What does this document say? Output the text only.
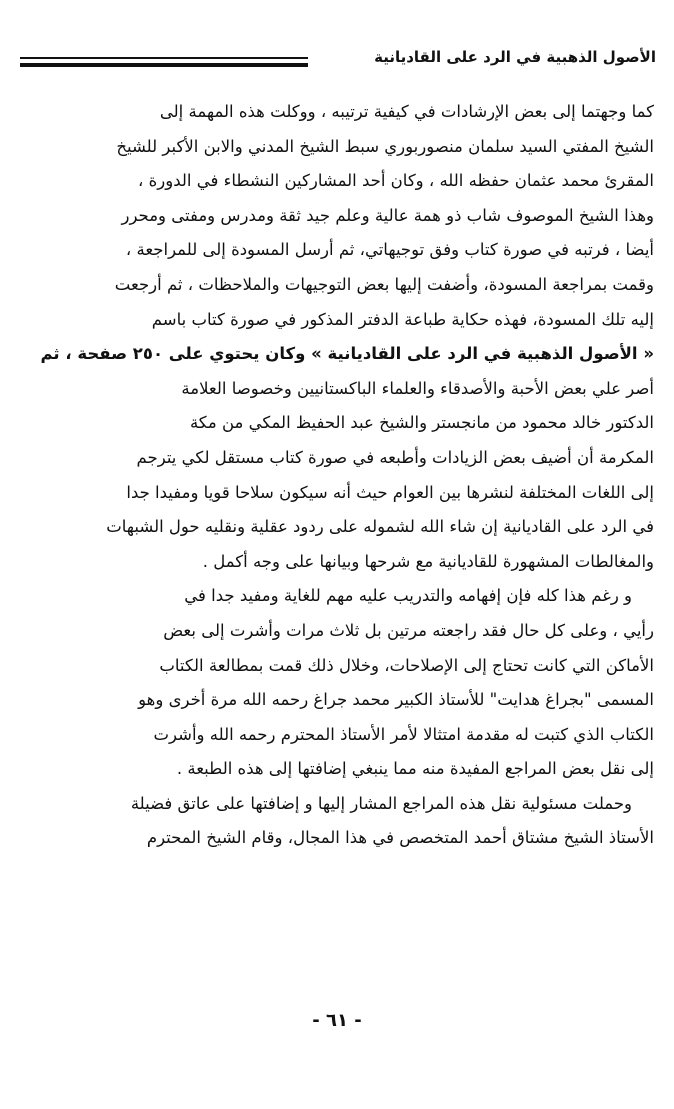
الأصول الذهبية في الرد على القاديانية
كما وجهتما إلى بعض الإرشادات في كيفية ترتيبه ، ووكلت هذه المهمة إلى
الشيخ المفتي السيد سلمان منصوربوري سبط الشيخ المدني والابن الأكبر للشيخ
المقرئ محمد عثمان حفظه الله ، وكان أحد المشاركين النشطاء في الدورة ،
وهذا الشيخ الموصوف شاب ذو همة عالية وعلم جيد ثقة ومدرس ومفتى ومحرر
أيضا ، فرتبه في صورة كتاب وفق توجيهاتي، ثم أرسل المسودة إلى للمراجعة ،
وقمت بمراجعة المسودة، وأضفت إليها بعض التوجيهات والملاحظات ، ثم أرجعت
إليه تلك المسودة، فهذه حكاية طباعة الدفتر المذكور في صورة كتاب باسم
« الأصول الذهبية في الرد على القاديانية » وكان يحتوي على ٢٥٠ صفحة ، ثم
أصر علي بعض الأحبة والأصدقاء والعلماء الباكستانيين وخصوصا العلامة
الدكتور خالد محمود من مانجستر والشيخ عبد الحفيظ المكي من مكة
المكرمة أن أضيف بعض الزيادات وأطبعه في صورة كتاب مستقل لكي يترجم
إلى اللغات المختلفة لنشرها بين العوام حيث أنه سيكون سلاحا قويا ومفيدا جدا
في الرد على القاديانية إن شاء الله لشموله على ردود عقلية ونقليه حول الشبهات
والمغالطات المشهورة للقاديانية مع شرحها وبيانها على وجه أكمل .
و رغم هذا كله فإن إفهامه والتدريب عليه مهم للغاية ومفيد جدا في
رأيي ، وعلى كل حال فقد راجعته مرتين بل ثلاث مرات وأشرت إلى بعض
الأماكن التي كانت تحتاج إلى الإصلاحات، وخلال ذلك قمت بمطالعة الكتاب
المسمى "بجراغ هدايت" للأستاذ الكبير محمد جراغ رحمه الله مرة أخرى وهو
الكتاب الذي كتبت له مقدمة امتثالا لأمر الأستاذ المحترم رحمه الله وأشرت
إلى نقل بعض المراجع المفيدة منه مما ينبغي إضافتها إلى هذه الطبعة .
وحملت مسئولية نقل هذه المراجع المشار إليها و إضافتها على عاتق فضيلة
الأستاذ الشيخ مشتاق أحمد المتخصص في هذا المجال، وقام الشيخ المحترم
- ٦١ -
